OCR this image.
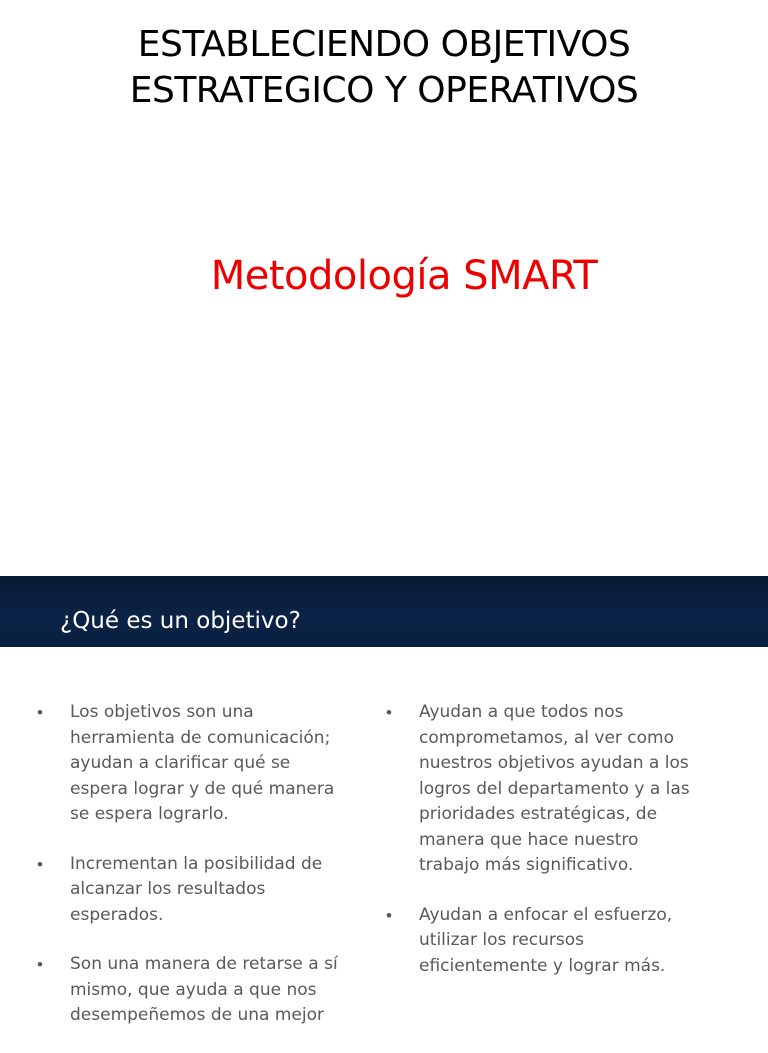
ESTABLECIENDO OBJETIVOS
ESTRATEGICO Y OPERATIVOS
Metodología SMART
¿Qué es un objetivo?
• Los objetivos son una
herramienta de comunicación;
ayudan a clarificar qué se
espera lograr y de qué manera
se espera lograrlo.
• Incrementan la posibilidad de
alcanzar los resultados
esperados.
• Son una manera de retarse a sí
mismo, que ayuda a que nos
desempeñemos de una mejor
• Ayudan a que todos nos
comprometamos, al ver como
nuestros objetivos ayudan a los
logros del departamento y a las
prioridades estratégicas, de
manera que hace nuestro
trabajo más significativo.
• Ayudan a enfocar el esfuerzo,
utilizar los recursos
eficientemente y lograr más.
